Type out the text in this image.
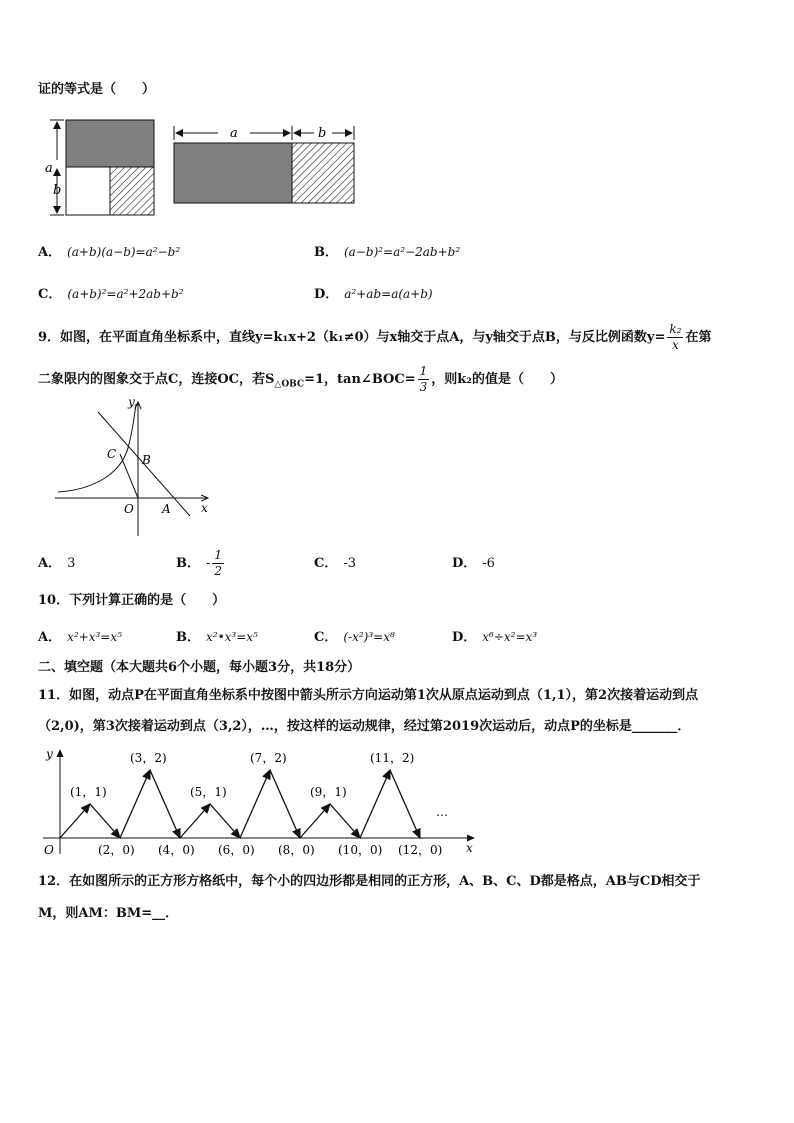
证的等式是（　　）
a
b
a	b
A． (a+b)(a−b)=a²−b²	B． (a−b)²=a²−2ab+b²
C． (a+b)²=a²+2ab+b²	D． a²+ab=a(a+b)
9．如图，在平面直角坐标系中，直线y=k₁x+2（k₁≠0）与x轴交于点A，与y轴交于点B，与反比例函数$y= \frac{\text{k₂}}{x}$ 在第
二象限内的图象交于点C，连接OC，若$S_{\triangle OBC}=1$，tan∠BOC= $\frac{1}{3}$ ，则k₂的值是（　　）
y
x
C B
O A
A． 3	B． - $\frac{1}{2}$	C． -3	D． -6
10．下列计算正确的是（　　）
A． x²+x³=x⁵	B． x²•x³=x⁵	C． (-x²)³=x⁸	D． x⁶÷x²=x³
二、填空题（本大题共6个小题，每小题3分，共18分）
11．如图，动点P在平面直角坐标系中按图中箭头所示方向运动第1次从原点运动到点（1,1），第2次接着运动到点
（2,0)，第3次接着运动到点（3,2），…，按这样的运动规律，经过第2019次运动后，动点P的坐标是_______．
y
x
O
…
(1，1)
(3，2)
(5，1)
(7，2)
(9，1)
(11，2)
(2，0) (4，0) (6，0) (8，0) (10，0) (12，0)
12．在如图所示的正方形方格纸中，每个小的四边形都是相同的正方形，A、B、C、D都是格点，AB与CD相交于
M，则AM：BM=__．
